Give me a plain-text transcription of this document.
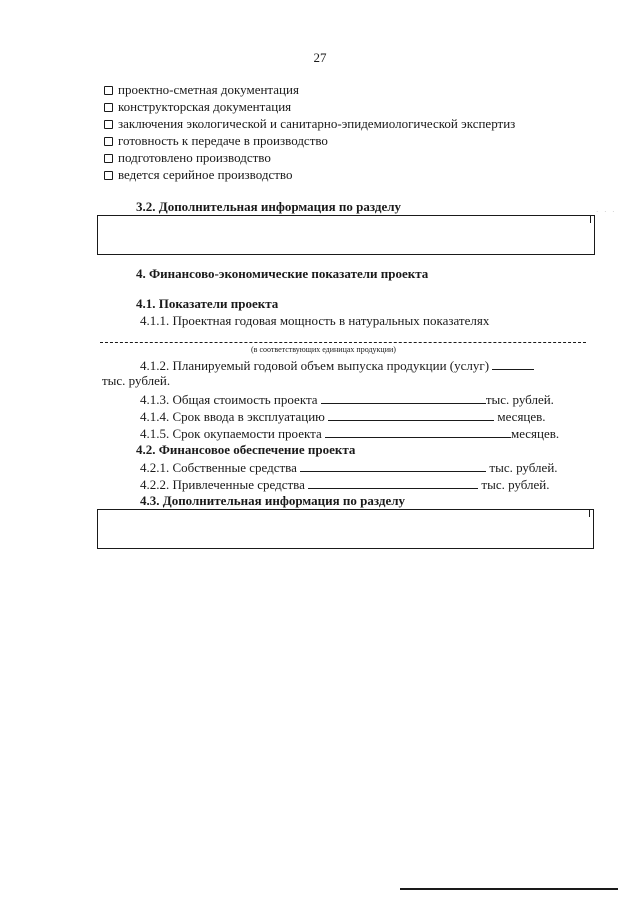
27
проектно-сметная документация
конструкторская документация
заключения экологической и санитарно-эпидемиологической экспертиз
готовность к передаче в производство
подготовлено производство
ведется серийное производство
3.2. Дополнительная информация по разделу	· · ·
4. Финансово-экономические показатели проекта
4.1. Показатели проекта
4.1.1. Проектная годовая мощность в натуральных показателях
(в соответствующих единицах продукции)
4.1.2. Планируемый годовой объем выпуска продукции (услуг)
тыс. рублей.
4.1.3. Общая стоимость проекта	тыс. рублей.
4.1.4. Срок ввода в эксплуатацию	месяцев.
4.1.5. Срок окупаемости проекта	месяцев.
4.2. Финансовое обеспечение проекта
4.2.1. Собственные средства	тыс. рублей.
4.2.2. Привлеченные средства	тыс. рублей.
4.3. Дополнительная информация по разделу
